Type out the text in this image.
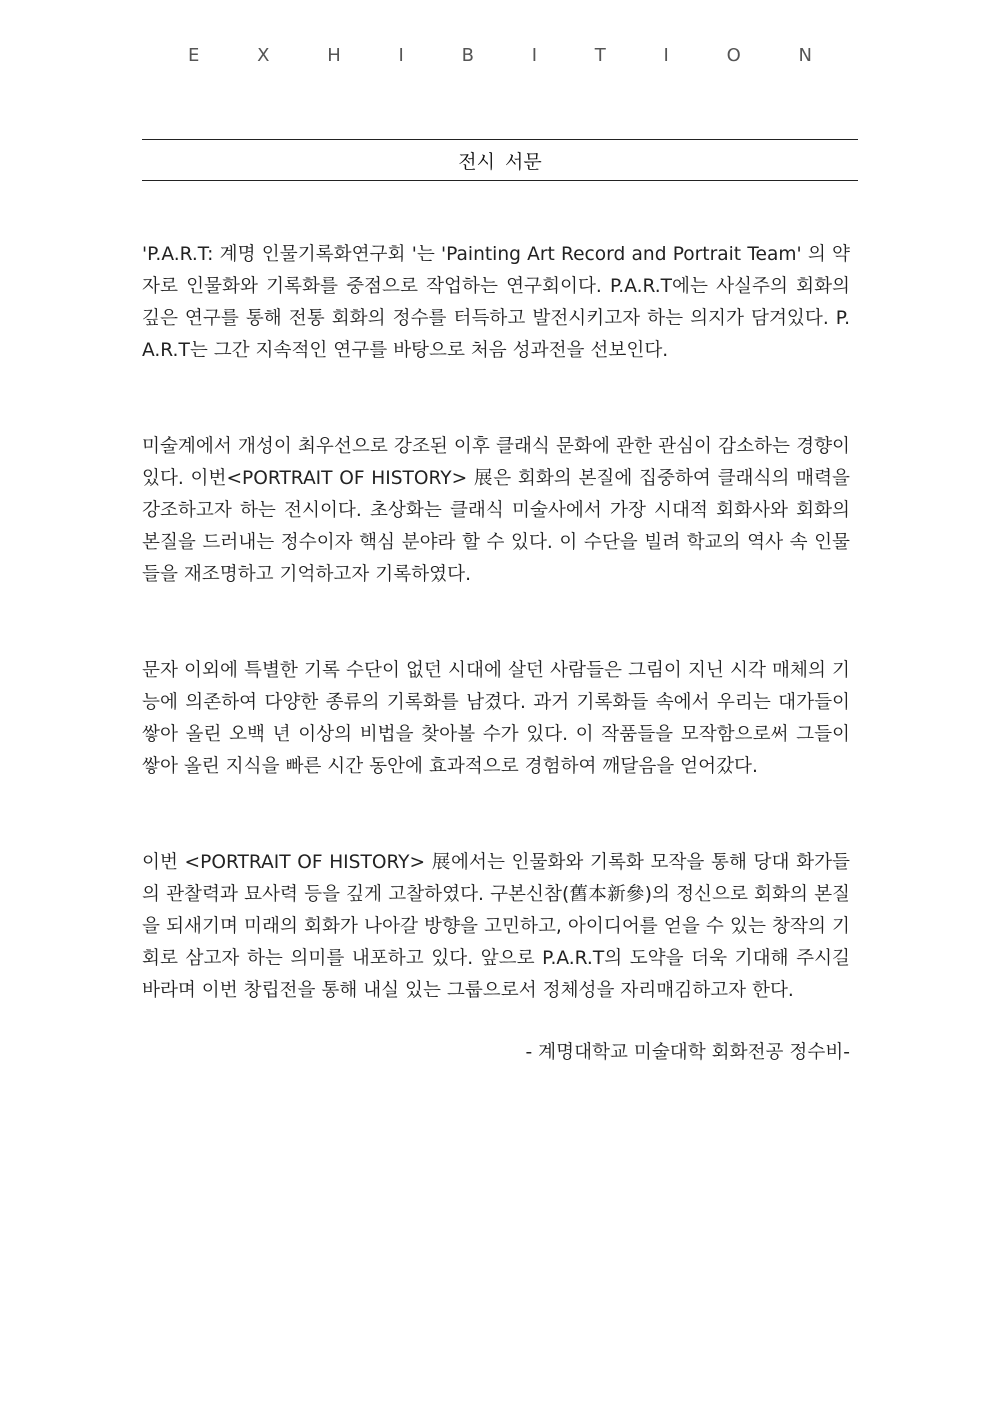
E	X	H	I	B	I	T	I	O	N
전시 서문

'P.A.R.T: 계명 인물기록화연구회 '는 'Painting Art Record and Portrait Team' 의 약자로 인물화와 기록화를 중점으로 작업하는 연구회이다. P.A.R.T에는 사실주의 회화의 깊은 연구를 통해 전통 회화의 정수를 터득하고 발전시키고자 하는 의지가 담겨있다. P.A.R.T는 그간 지속적인 연구를 바탕으로 처음 성과전을 선보인다.

미술계에서 개성이 최우선으로 강조된 이후 클래식 문화에 관한 관심이 감소하는 경향이 있다. 이번<PORTRAIT OF HISTORY> 展은 회화의 본질에 집중하여 클래식의 매력을 강조하고자 하는 전시이다. 초상화는 클래식 미술사에서 가장 시대적 회화사와 회화의 본질을 드러내는 정수이자 핵심 분야라 할 수 있다. 이 수단을 빌려 학교의 역사 속 인물들을 재조명하고 기억하고자 기록하였다.

문자 이외에 특별한 기록 수단이 없던 시대에 살던 사람들은 그림이 지닌 시각 매체의 기능에 의존하여 다양한 종류의 기록화를 남겼다. 과거 기록화들 속에서 우리는 대가들이 쌓아 올린 오백 년 이상의 비법을 찾아볼 수가 있다. 이 작품들을 모작함으로써 그들이 쌓아 올린 지식을 빠른 시간 동안에 효과적으로 경험하여 깨달음을 얻어갔다.

이번 <PORTRAIT OF HISTORY> 展에서는 인물화와 기록화 모작을 통해 당대 화가들의 관찰력과 묘사력 등을 깊게 고찰하였다. 구본신참(舊本新參)의 정신으로 회화의 본질을 되새기며 미래의 회화가 나아갈 방향을 고민하고, 아이디어를 얻을 수 있는 창작의 기회로 삼고자 하는 의미를 내포하고 있다. 앞으로 P.A.R.T의 도약을 더욱 기대해 주시길 바라며 이번 창립전을 통해 내실 있는 그룹으로서 정체성을 자리매김하고자 한다.

- 계명대학교 미술대학 회화전공 정수비-
